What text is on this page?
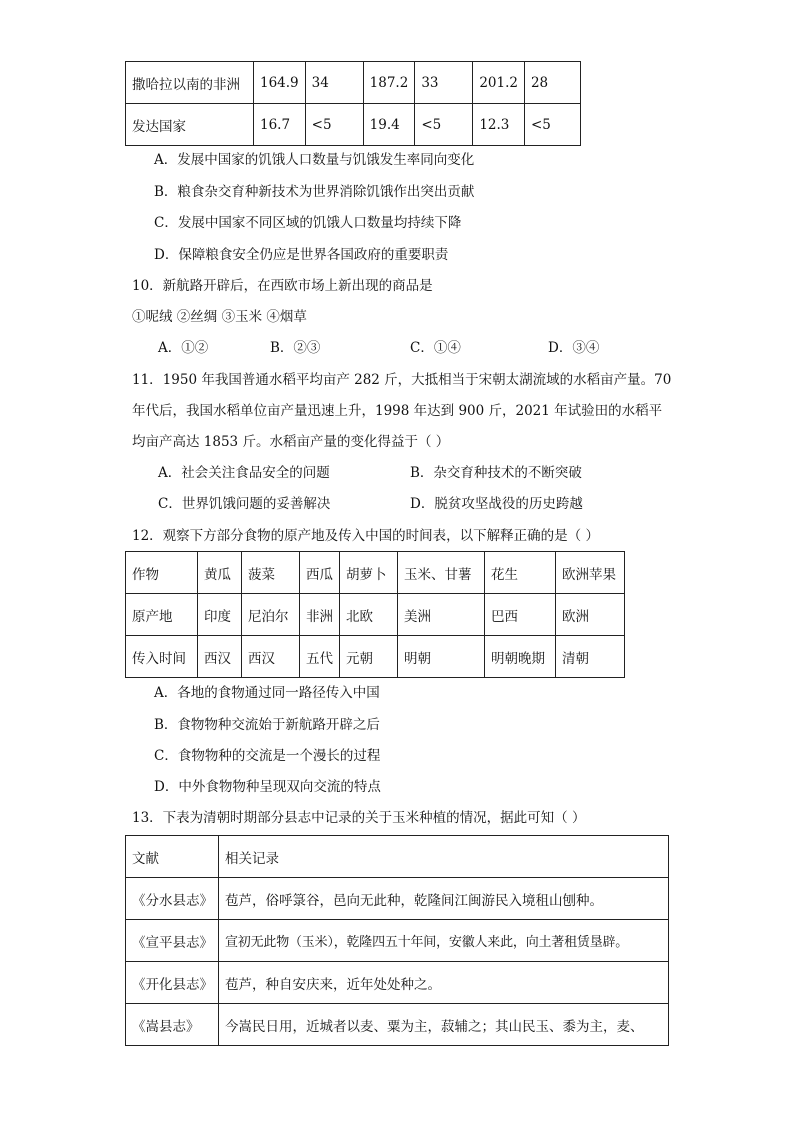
撒哈拉以南的非洲	164.9	34	187.2	33	201.2	28
发达国家	16.7	<5	19.4	<5	12.3	<5
A．发展中国家的饥饿人口数量与饥饿发生率同向变化
B．粮食杂交育种新技术为世界消除饥饿作出突出贡献
C．发展中国家不同区域的饥饿人口数量均持续下降
D．保障粮食安全仍应是世界各国政府的重要职责
10．新航路开辟后，在西欧市场上新出现的商品是
①呢绒 ②丝绸 ③玉米 ④烟草
A．①②	B．②③	C．①④	D．③④
11．1950 年我国普通水稻平均亩产 282 斤，大抵相当于宋朝太湖流域的水稻亩产量。70
年代后，我国水稻单位亩产量迅速上升，1998 年达到 900 斤，2021 年试验田的水稻平
均亩产高达 1853 斤。水稻亩产量的变化得益于（ ）
A．社会关注食品安全的问题	B．杂交育种技术的不断突破
C．世界饥饿问题的妥善解决	D．脱贫攻坚战役的历史跨越
12．观察下方部分食物的原产地及传入中国的时间表，以下解释正确的是（ ）
作物	黄瓜	菠菜	西瓜	胡萝卜	玉米、甘薯	花生	欧洲苹果
原产地	印度	尼泊尔	非洲	北欧	美洲	巴西	欧洲
传入时间	西汉	西汉	五代	元朝	明朝	明朝晚期	清朝
A．各地的食物通过同一路径传入中国
B．食物物种交流始于新航路开辟之后
C．食物物种的交流是一个漫长的过程
D．中外食物物种呈现双向交流的特点
13．下表为清朝时期部分县志中记录的关于玉米种植的情况，据此可知（ ）
文献	相关记录
《分水县志》	苞芦，俗呼箓谷，邑向无此种，乾隆间江闽游民入境租山刨种。
《宣平县志》	宣初无此物（玉米），乾隆四五十年间，安徽人来此，向土著租赁垦辟。
《开化县志》	苞芦，种自安庆来，近年处处种之。
《嵩县志》	今嵩民日用，近城者以麦、粟为主，菽辅之；其山民玉、黍为主，麦、
